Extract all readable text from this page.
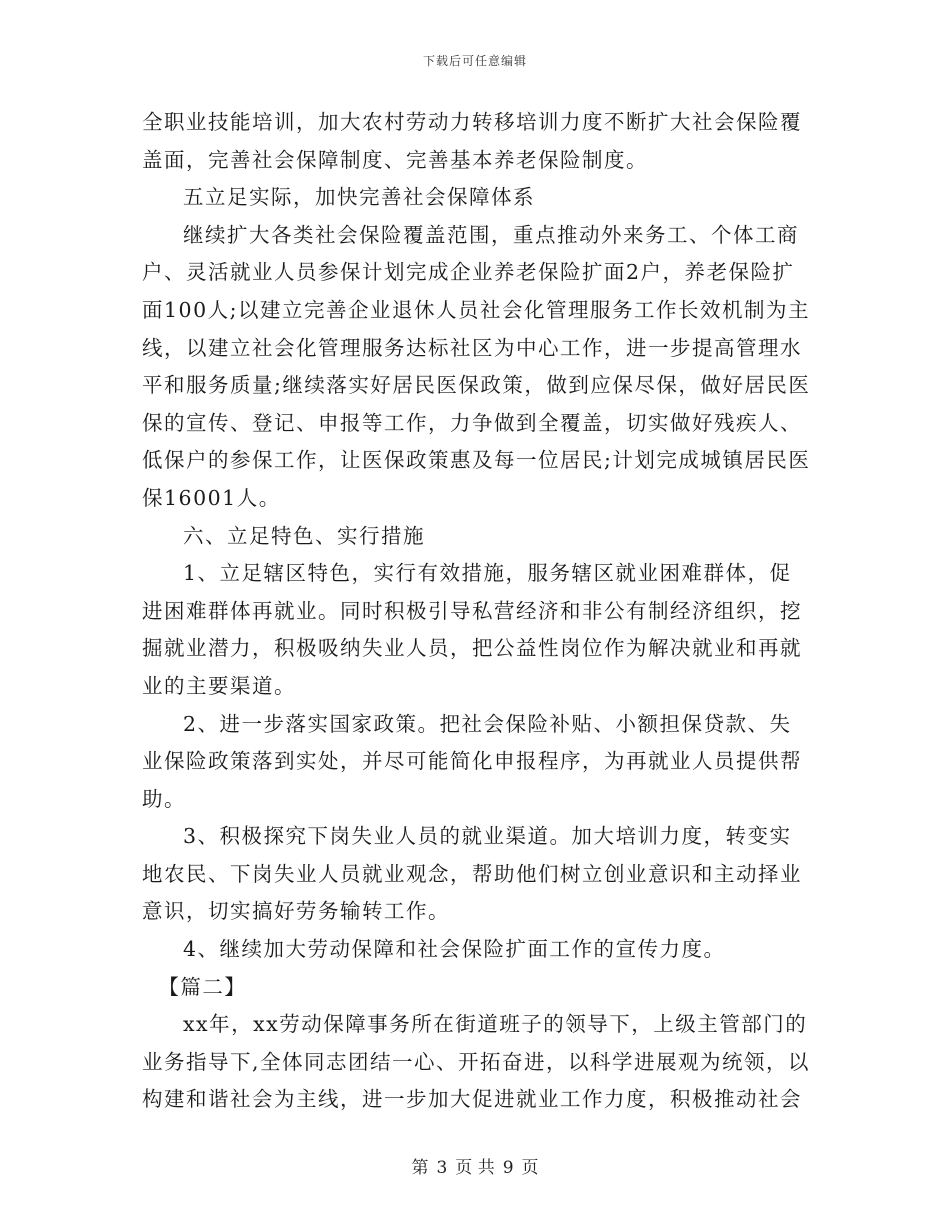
下载后可任意编辑

全职业技能培训，加大农村劳动力转移培训力度不断扩大社会保险覆盖面，完善社会保障制度、完善基本养老保险制度。

五立足实际，加快完善社会保障体系

继续扩大各类社会保险覆盖范围，重点推动外来务工、个体工商户、灵活就业人员参保计划完成企业养老保险扩面2户，养老保险扩面100人;以建立完善企业退休人员社会化管理服务工作长效机制为主线，以建立社会化管理服务达标社区为中心工作，进一步提高管理水平和服务质量;继续落实好居民医保政策，做到应保尽保，做好居民医保的宣传、登记、申报等工作，力争做到全覆盖，切实做好残疾人、低保户的参保工作，让医保政策惠及每一位居民;计划完成城镇居民医保16001人。

六、立足特色、实行措施

1、立足辖区特色，实行有效措施，服务辖区就业困难群体，促进困难群体再就业。同时积极引导私营经济和非公有制经济组织，挖掘就业潜力，积极吸纳失业人员，把公益性岗位作为解决就业和再就业的主要渠道。

2、进一步落实国家政策。把社会保险补贴、小额担保贷款、失业保险政策落到实处，并尽可能简化申报程序，为再就业人员提供帮助。

3、积极探究下岗失业人员的就业渠道。加大培训力度，转变实地农民、下岗失业人员就业观念，帮助他们树立创业意识和主动择业意识，切实搞好劳务输转工作。

4、继续加大劳动保障和社会保险扩面工作的宣传力度。

【篇二】

xx年，xx劳动保障事务所在街道班子的领导下，上级主管部门的业务指导下,全体同志团结一心、开拓奋进，以科学进展观为统领，以构建和谐社会为主线，进一步加大促进就业工作力度，积极推动社会

第 3 页 共 9 页
